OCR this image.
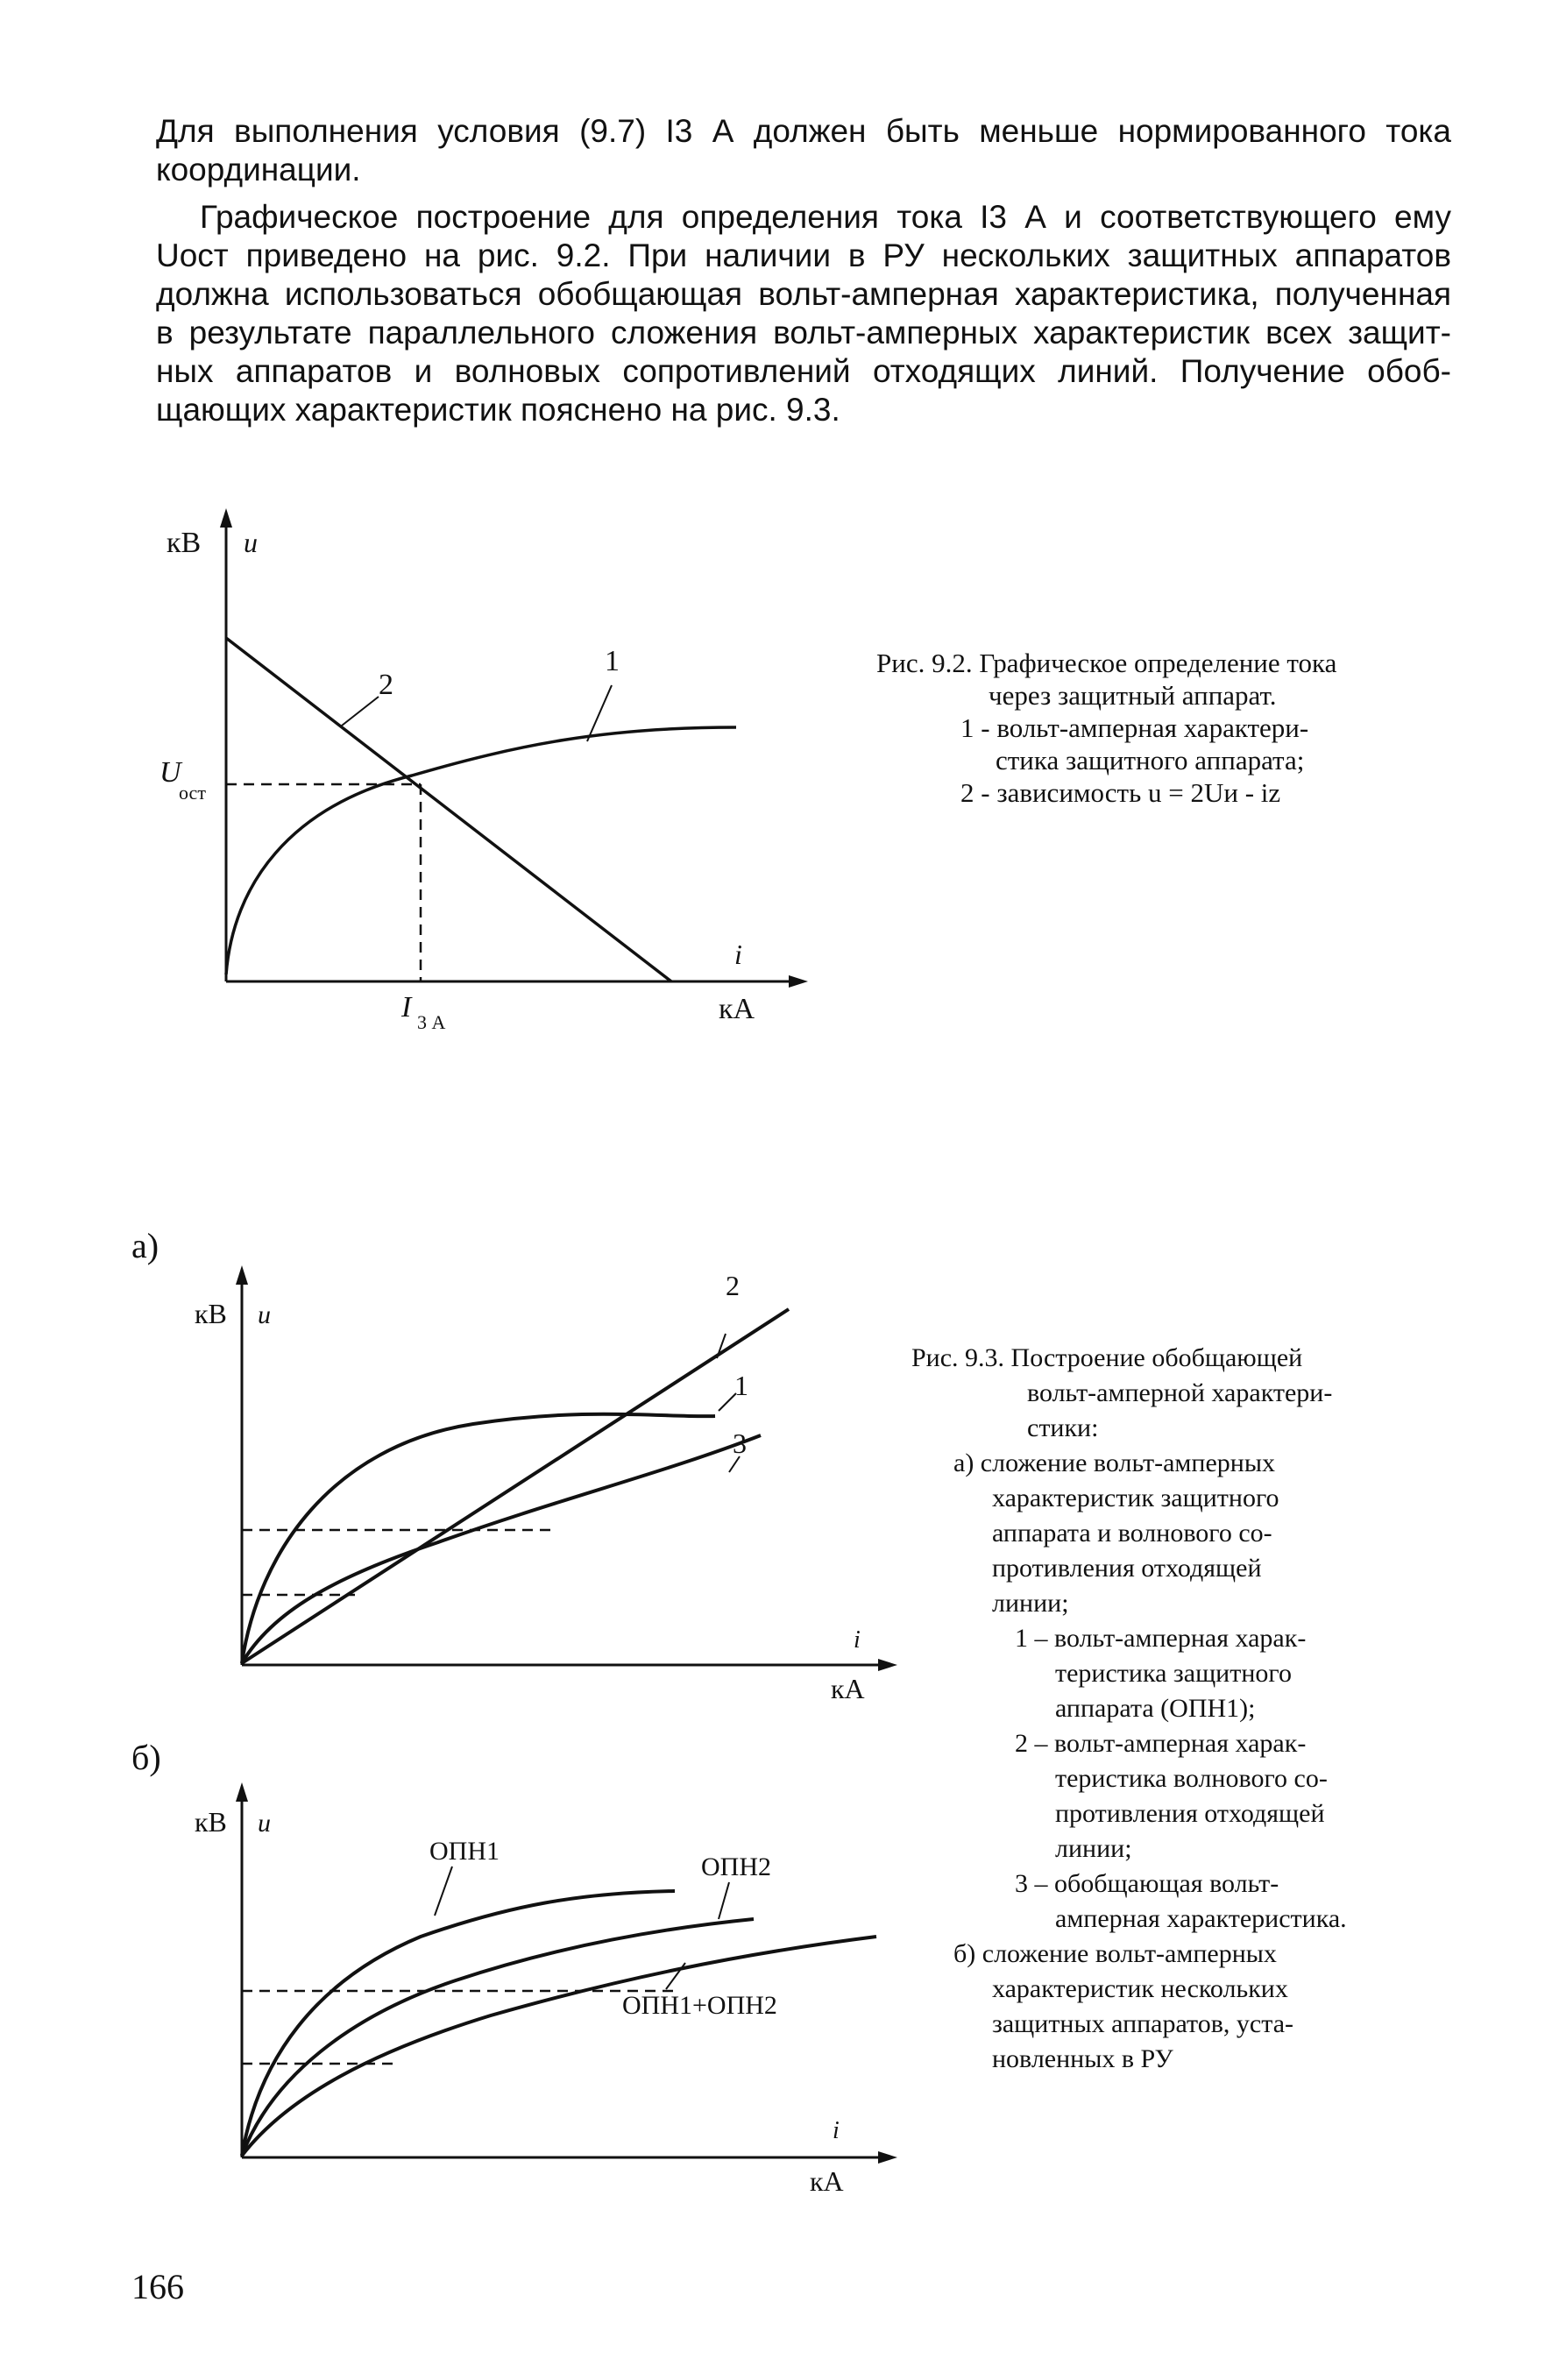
Для выполнения условия (9.7) I3 А должен быть меньше нормированного тока
координации.
Графическое построение для определения тока I3 А и соответствующего ему
Uост приведено на рис. 9.2. При наличии в РУ нескольких защитных аппаратов
должна использоваться обобщающая вольт-амперная характеристика, полученная
в результате параллельного сложения вольт-амперных характеристик всех защит-
ных аппаратов и волновых сопротивлений отходящих линий. Получение обоб-
щающих характеристик пояснено на рис. 9.3.
кВ u
i
кА
U
ост
I 3 А
2
1	Рис. 9.2. Графическое определение тока
через защитный аппарат.
1 - вольт-амперная характери-
стика защитного аппарата;
2 - зависимость u = 2Uи - iz
а)
кВ u
i
кА
2
1
3
б)
кВ u
i
кА
ОПН1
ОПН2
ОПН1+ОПН2
Рис. 9.3. Построение обобщающей
вольт-амперной характери-
стики:
а) сложение вольт-амперных
характеристик защитного
аппарата и волнового со-
противления отходящей
линии;
1 – вольт-амперная харак-
теристика защитного
аппарата (ОПН1);
2 – вольт-амперная харак-
теристика волнового со-
противления отходящей
линии;
3 – обобщающая вольт-
амперная характеристика.
б) сложение вольт-амперных
характеристик нескольких
защитных аппаратов, уста-
новленных в РУ
166
